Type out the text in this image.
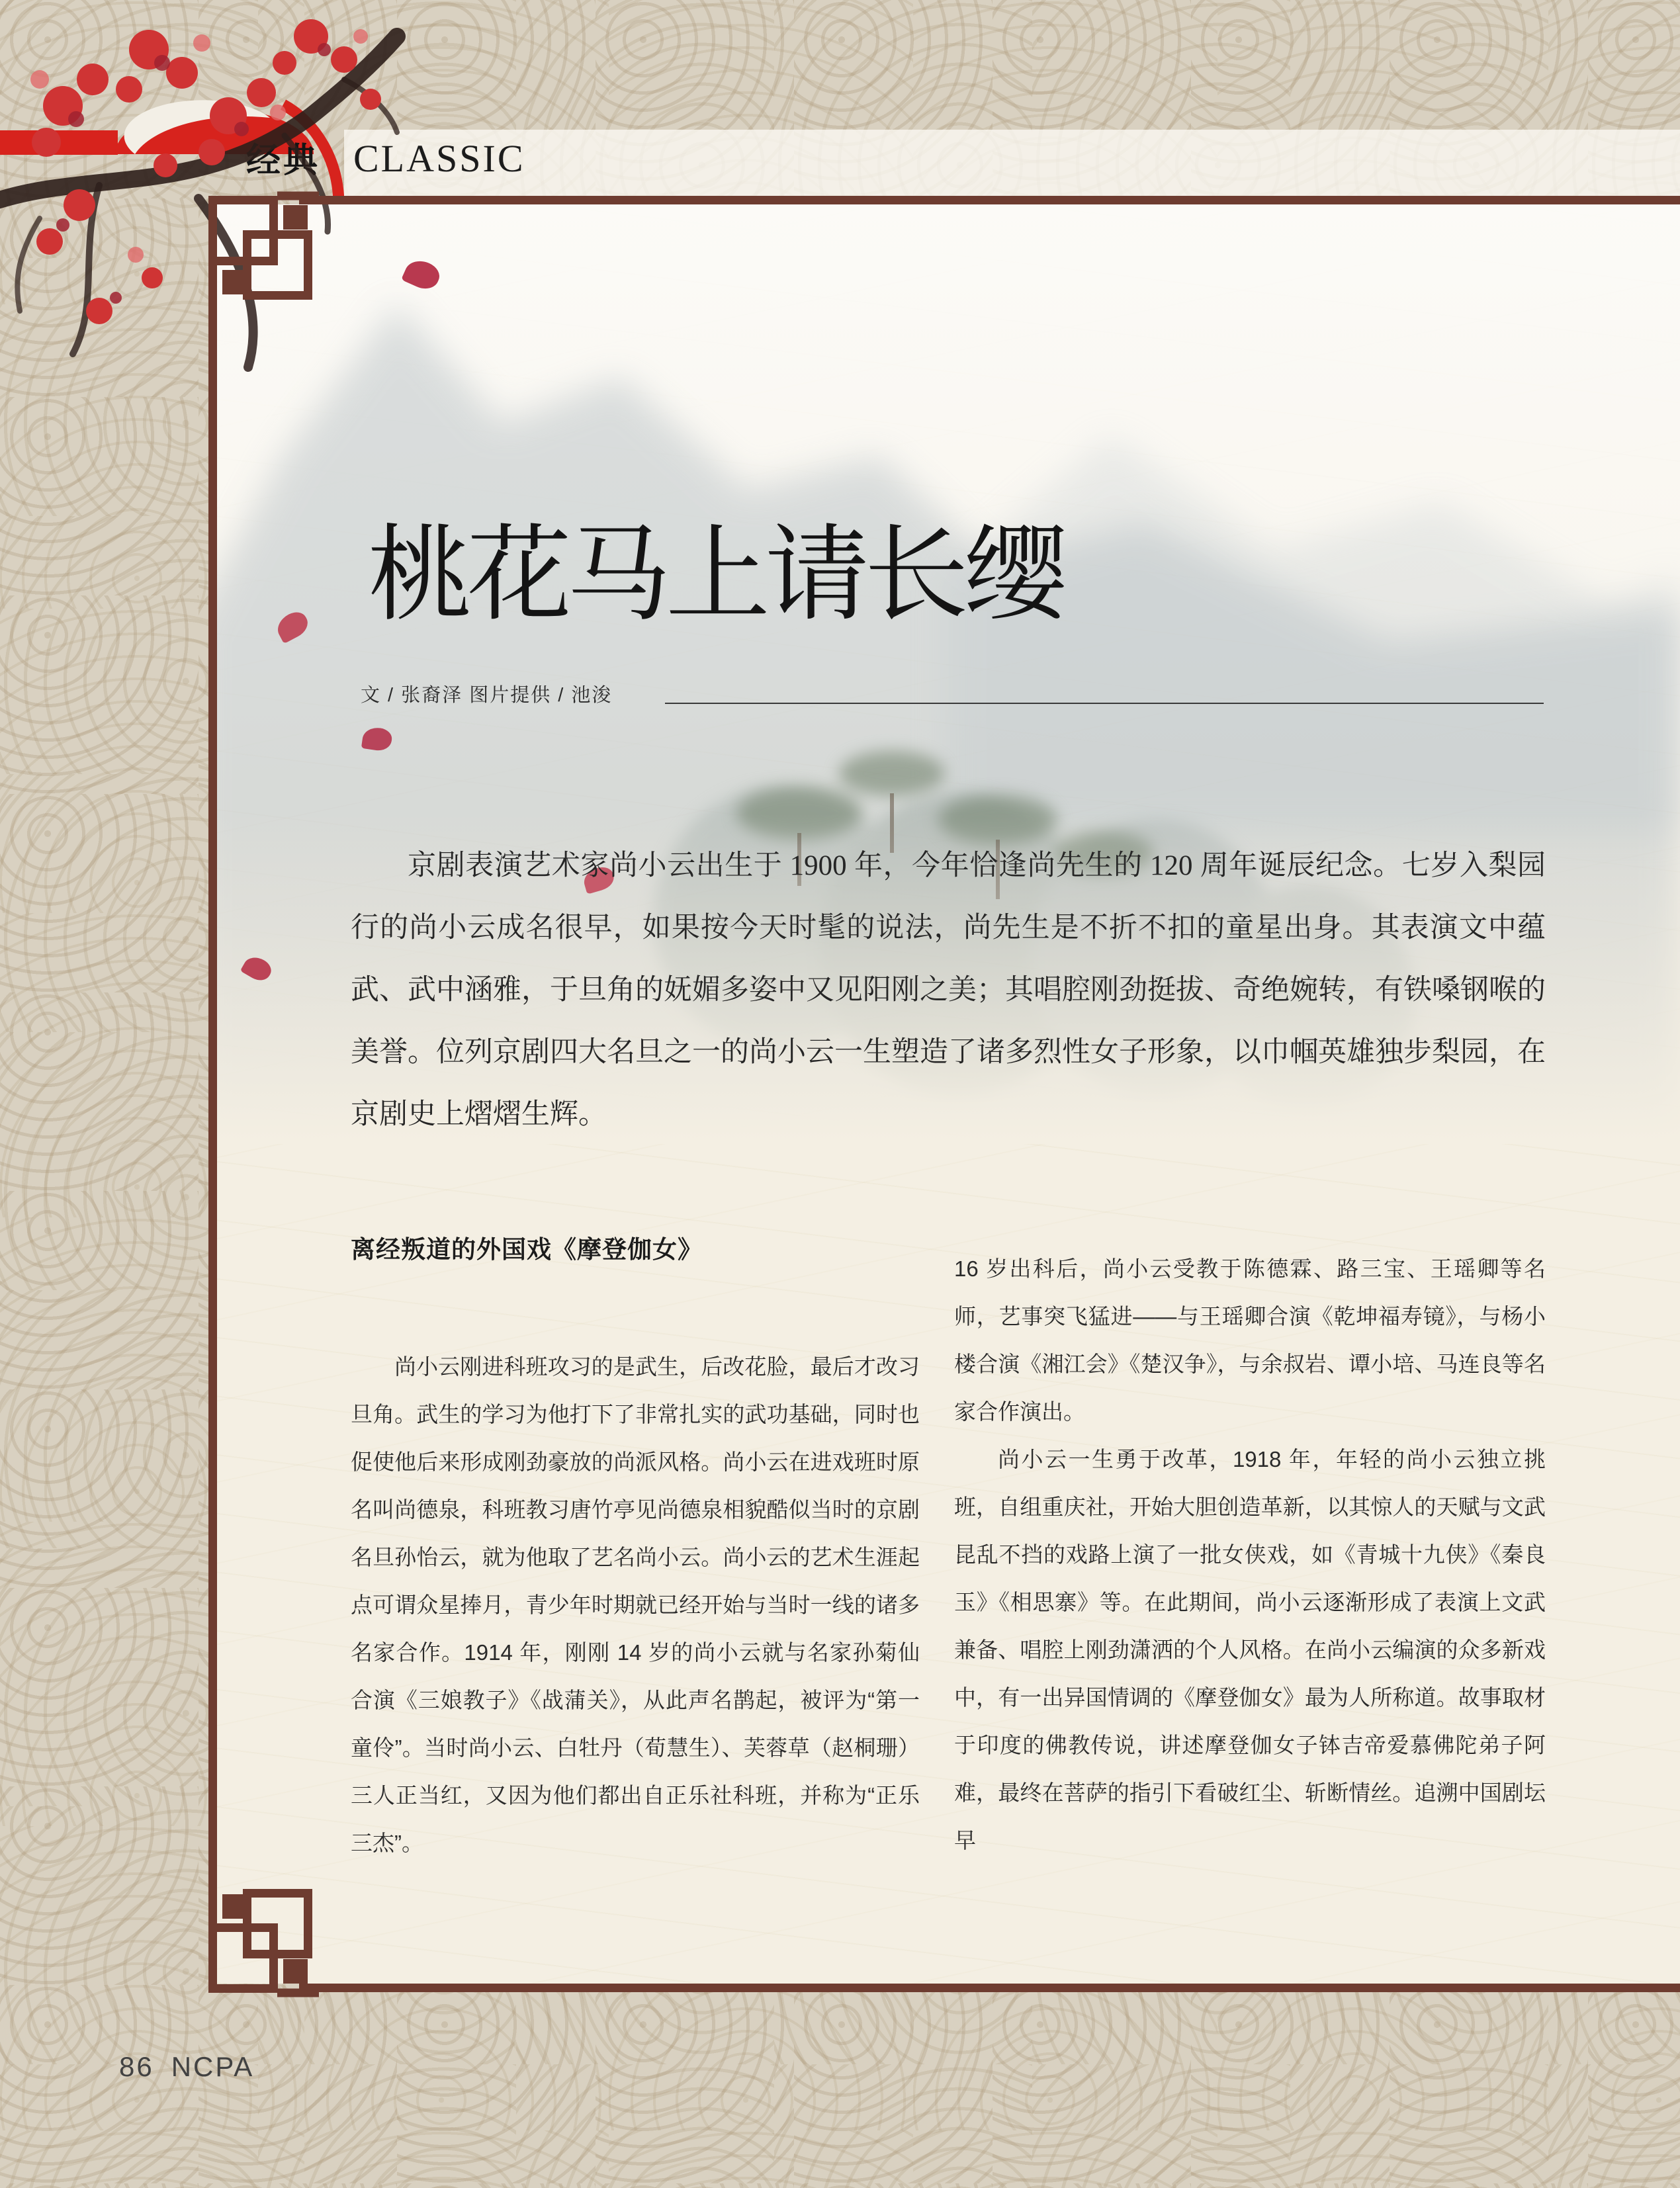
经典 CLASSIC
桃花马上请长缨
文 / 张裔泽 图片提供 / 池浚

京剧表演艺术家尚小云出生于 1900 年，今年恰逢尚先生的 120 周年诞辰纪念。七岁入梨园行的尚小云成名很早，如果按今天时髦的说法，尚先生是不折不扣的童星出身。其表演文中蕴武、武中涵雅，于旦角的妩媚多姿中又见阳刚之美；其唱腔刚劲挺拔、奇绝婉转，有铁嗓钢喉的美誉。位列京剧四大名旦之一的尚小云一生塑造了诸多烈性女子形象，以巾帼英雄独步梨园，在京剧史上熠熠生辉。

离经叛道的外国戏《摩登伽女》

尚小云刚进科班攻习的是武生，后改花脸，最后才改习旦角。武生的学习为他打下了非常扎实的武功基础，同时也促使他后来形成刚劲豪放的尚派风格。尚小云在进戏班时原名叫尚德泉，科班教习唐竹亭见尚德泉相貌酷似当时的京剧名旦孙怡云，就为他取了艺名尚小云。尚小云的艺术生涯起点可谓众星捧月，青少年时期就已经开始与当时一线的诸多名家合作。1914 年，刚刚 14 岁的尚小云就与名家孙菊仙合演《三娘教子》《战蒲关》，从此声名鹊起，被评为“第一童伶”。当时尚小云、白牡丹（荀慧生）、芙蓉草（赵桐珊）三人正当红，又因为他们都出自正乐社科班，并称为“正乐三杰”。

16 岁出科后，尚小云受教于陈德霖、路三宝、王瑶卿等名师，艺事突飞猛进——与王瑶卿合演《乾坤福寿镜》，与杨小楼合演《湘江会》《楚汉争》，与余叔岩、谭小培、马连良等名家合作演出。

尚小云一生勇于改革，1918 年，年轻的尚小云独立挑班，自组重庆社，开始大胆创造革新，以其惊人的天赋与文武昆乱不挡的戏路上演了一批女侠戏，如《青城十九侠》《秦良玉》《相思寨》等。在此期间，尚小云逐渐形成了表演上文武兼备、唱腔上刚劲潇洒的个人风格。在尚小云编演的众多新戏中，有一出异国情调的《摩登伽女》最为人所称道。故事取材于印度的佛教传说，讲述摩登伽女子钵吉帝爱慕佛陀弟子阿难，最终在菩萨的指引下看破红尘、斩断情丝。追溯中国剧坛早

86 NCPA
